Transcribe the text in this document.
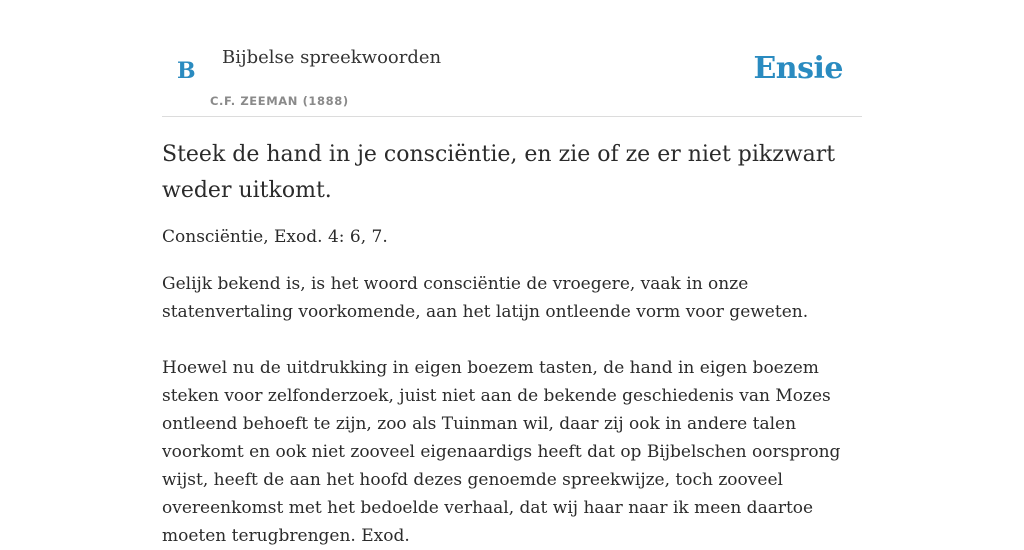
B
Bijbelse spreekwoorden
C.F. ZEEMAN (1888)
Ensie
Steek de hand in je consciëntie, en zie of ze er niet pikzwart weder uitkomt.

Consciëntie, Exod. 4: 6, 7.

Gelijk bekend is, is het woord consciëntie de vroegere, vaak in onze statenvertaling voorkomende, aan het latijn ontleende vorm voor geweten.

Hoewel nu de uitdrukking in eigen boezem tasten, de hand in eigen boezem steken voor zelfonderzoek, juist niet aan de bekende geschiedenis van Mozes ontleend behoeft te zijn, zoo als Tuinman wil, daar zij ook in andere talen voorkomt en ook niet zooveel eigenaardigs heeft dat op Bijbelschen oorsprong wijst, heeft de aan het hoofd dezes genoemde spreekwijze, toch zooveel overeenkomst met het bedoelde verhaal, dat wij haar naar ik meen daartoe moeten terugbrengen. Exod.
